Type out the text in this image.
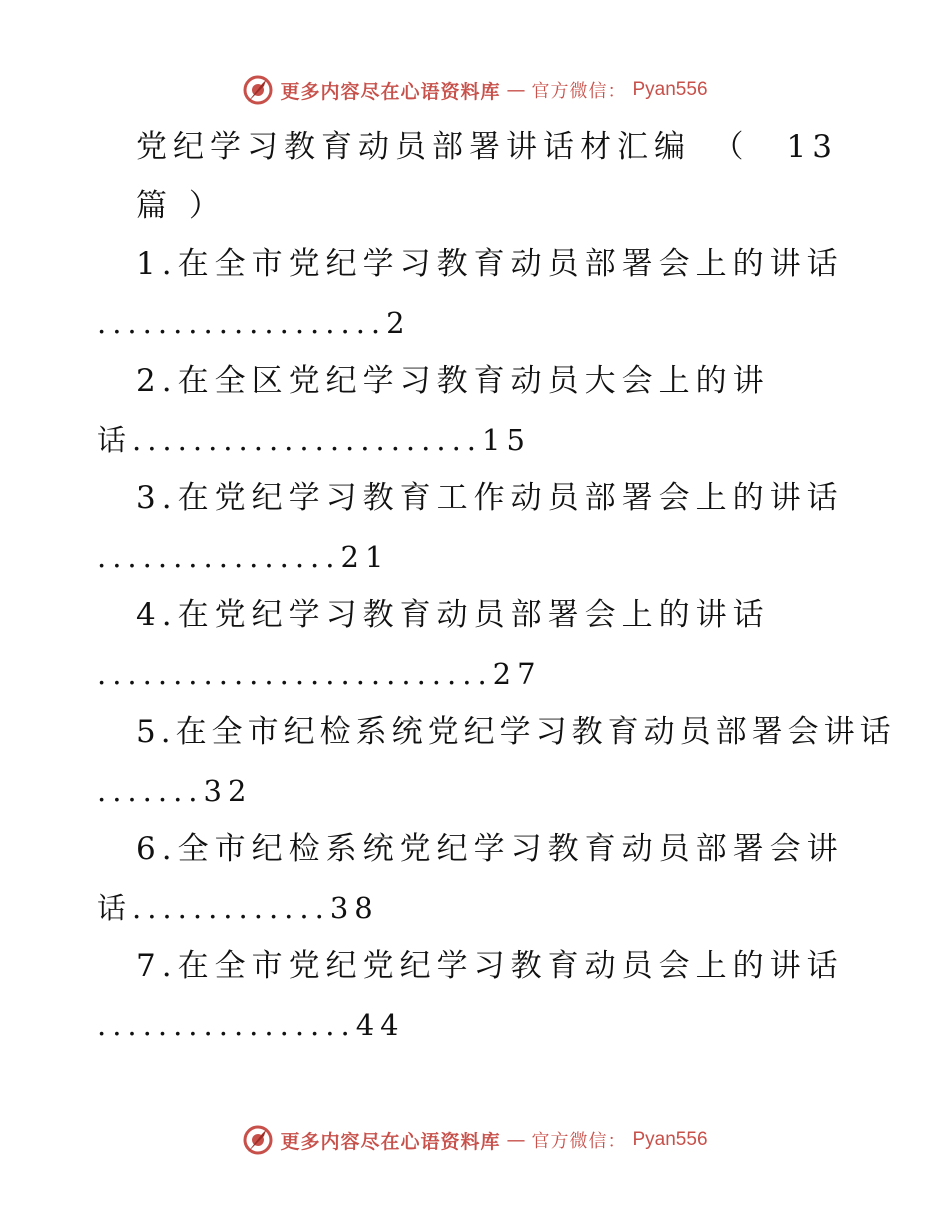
更多内容尽在心语资料库 — 官方微信： Pyan556
党纪学习教育动员部署讲话材汇编　（　13
篇 ）
1.在全市党纪学习教育动员部署会上的讲话
...................2
2.在全区党纪学习教育动员大会上的讲
话.......................15
3.在党纪学习教育工作动员部署会上的讲话
................21
4.在党纪学习教育动员部署会上的讲话
..........................27
5.在全市纪检系统党纪学习教育动员部署会讲话
.......32
6.全市纪检系统党纪学习教育动员部署会讲
话.............38
7.在全市党纪党纪学习教育动员会上的讲话
.................44
更多内容尽在心语资料库 — 官方微信： Pyan556
